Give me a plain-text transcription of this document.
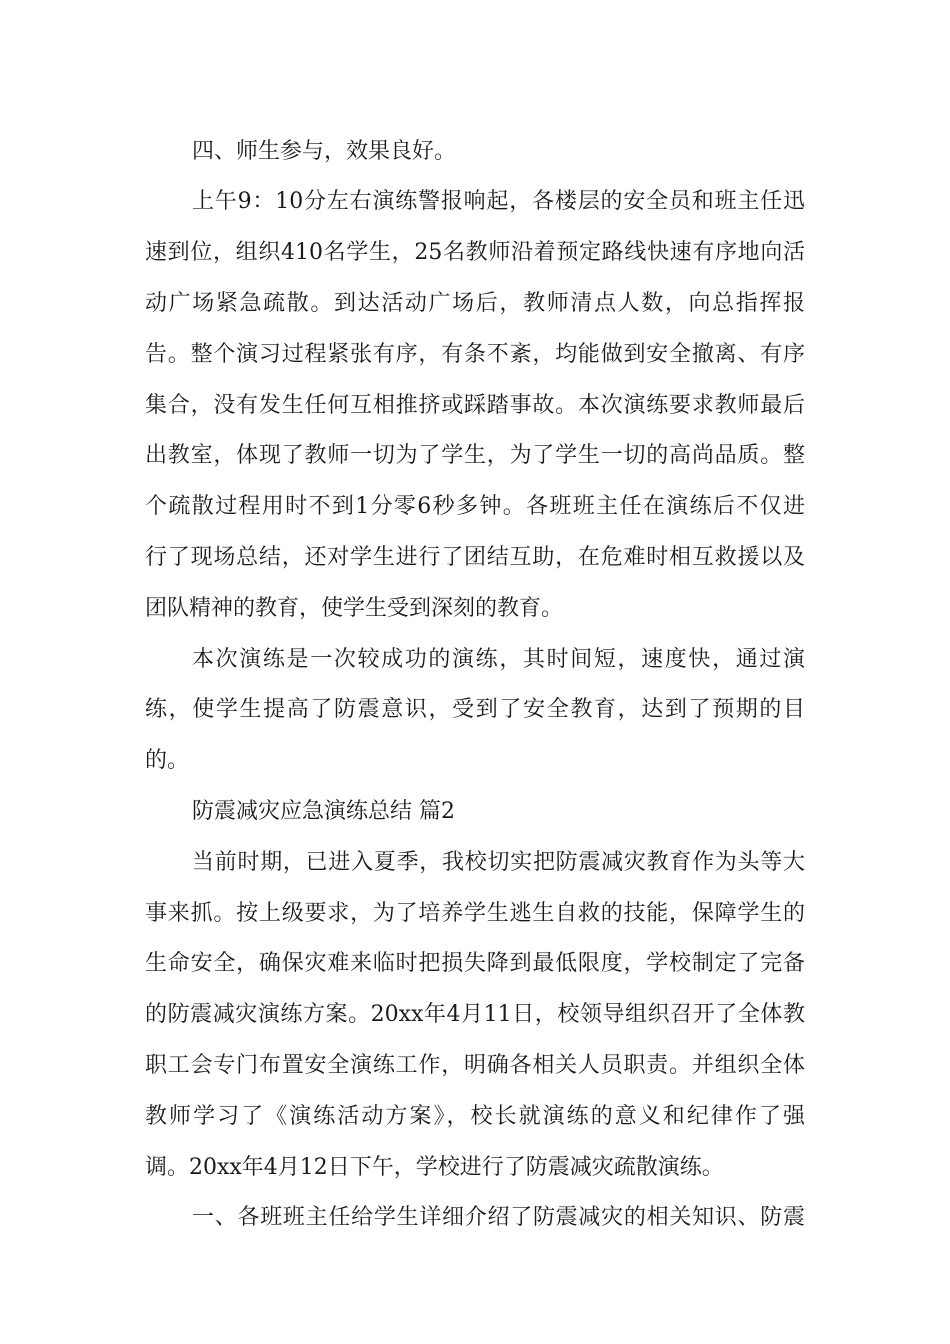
四、师生参与，效果良好。
上午9：10分左右演练警报响起，各楼层的安全员和班主任迅
速到位，组织410名学生，25名教师沿着预定路线快速有序地向活
动广场紧急疏散。到达活动广场后，教师清点人数，向总指挥报
告。整个演习过程紧张有序，有条不紊，均能做到安全撤离、有序
集合，没有发生任何互相推挤或踩踏事故。本次演练要求教师最后
出教室，体现了教师一切为了学生，为了学生一切的高尚品质。整
个疏散过程用时不到1分零6秒多钟。各班班主任在演练后不仅进
行了现场总结，还对学生进行了团结互助，在危难时相互救援以及
团队精神的教育，使学生受到深刻的教育。
本次演练是一次较成功的演练，其时间短，速度快，通过演
练，使学生提高了防震意识，受到了安全教育，达到了预期的目
的。
防震减灾应急演练总结 篇2
当前时期，已进入夏季，我校切实把防震减灾教育作为头等大
事来抓。按上级要求，为了培养学生逃生自救的技能，保障学生的
生命安全，确保灾难来临时把损失降到最低限度，学校制定了完备
的防震减灾演练方案。20xx年4月11日，校领导组织召开了全体教
职工会专门布置安全演练工作，明确各相关人员职责。并组织全体
教师学习了《演练活动方案》，校长就演练的意义和纪律作了强
调。20xx年4月12日下午，学校进行了防震减灾疏散演练。
一、各班班主任给学生详细介绍了防震减灾的相关知识、防震
